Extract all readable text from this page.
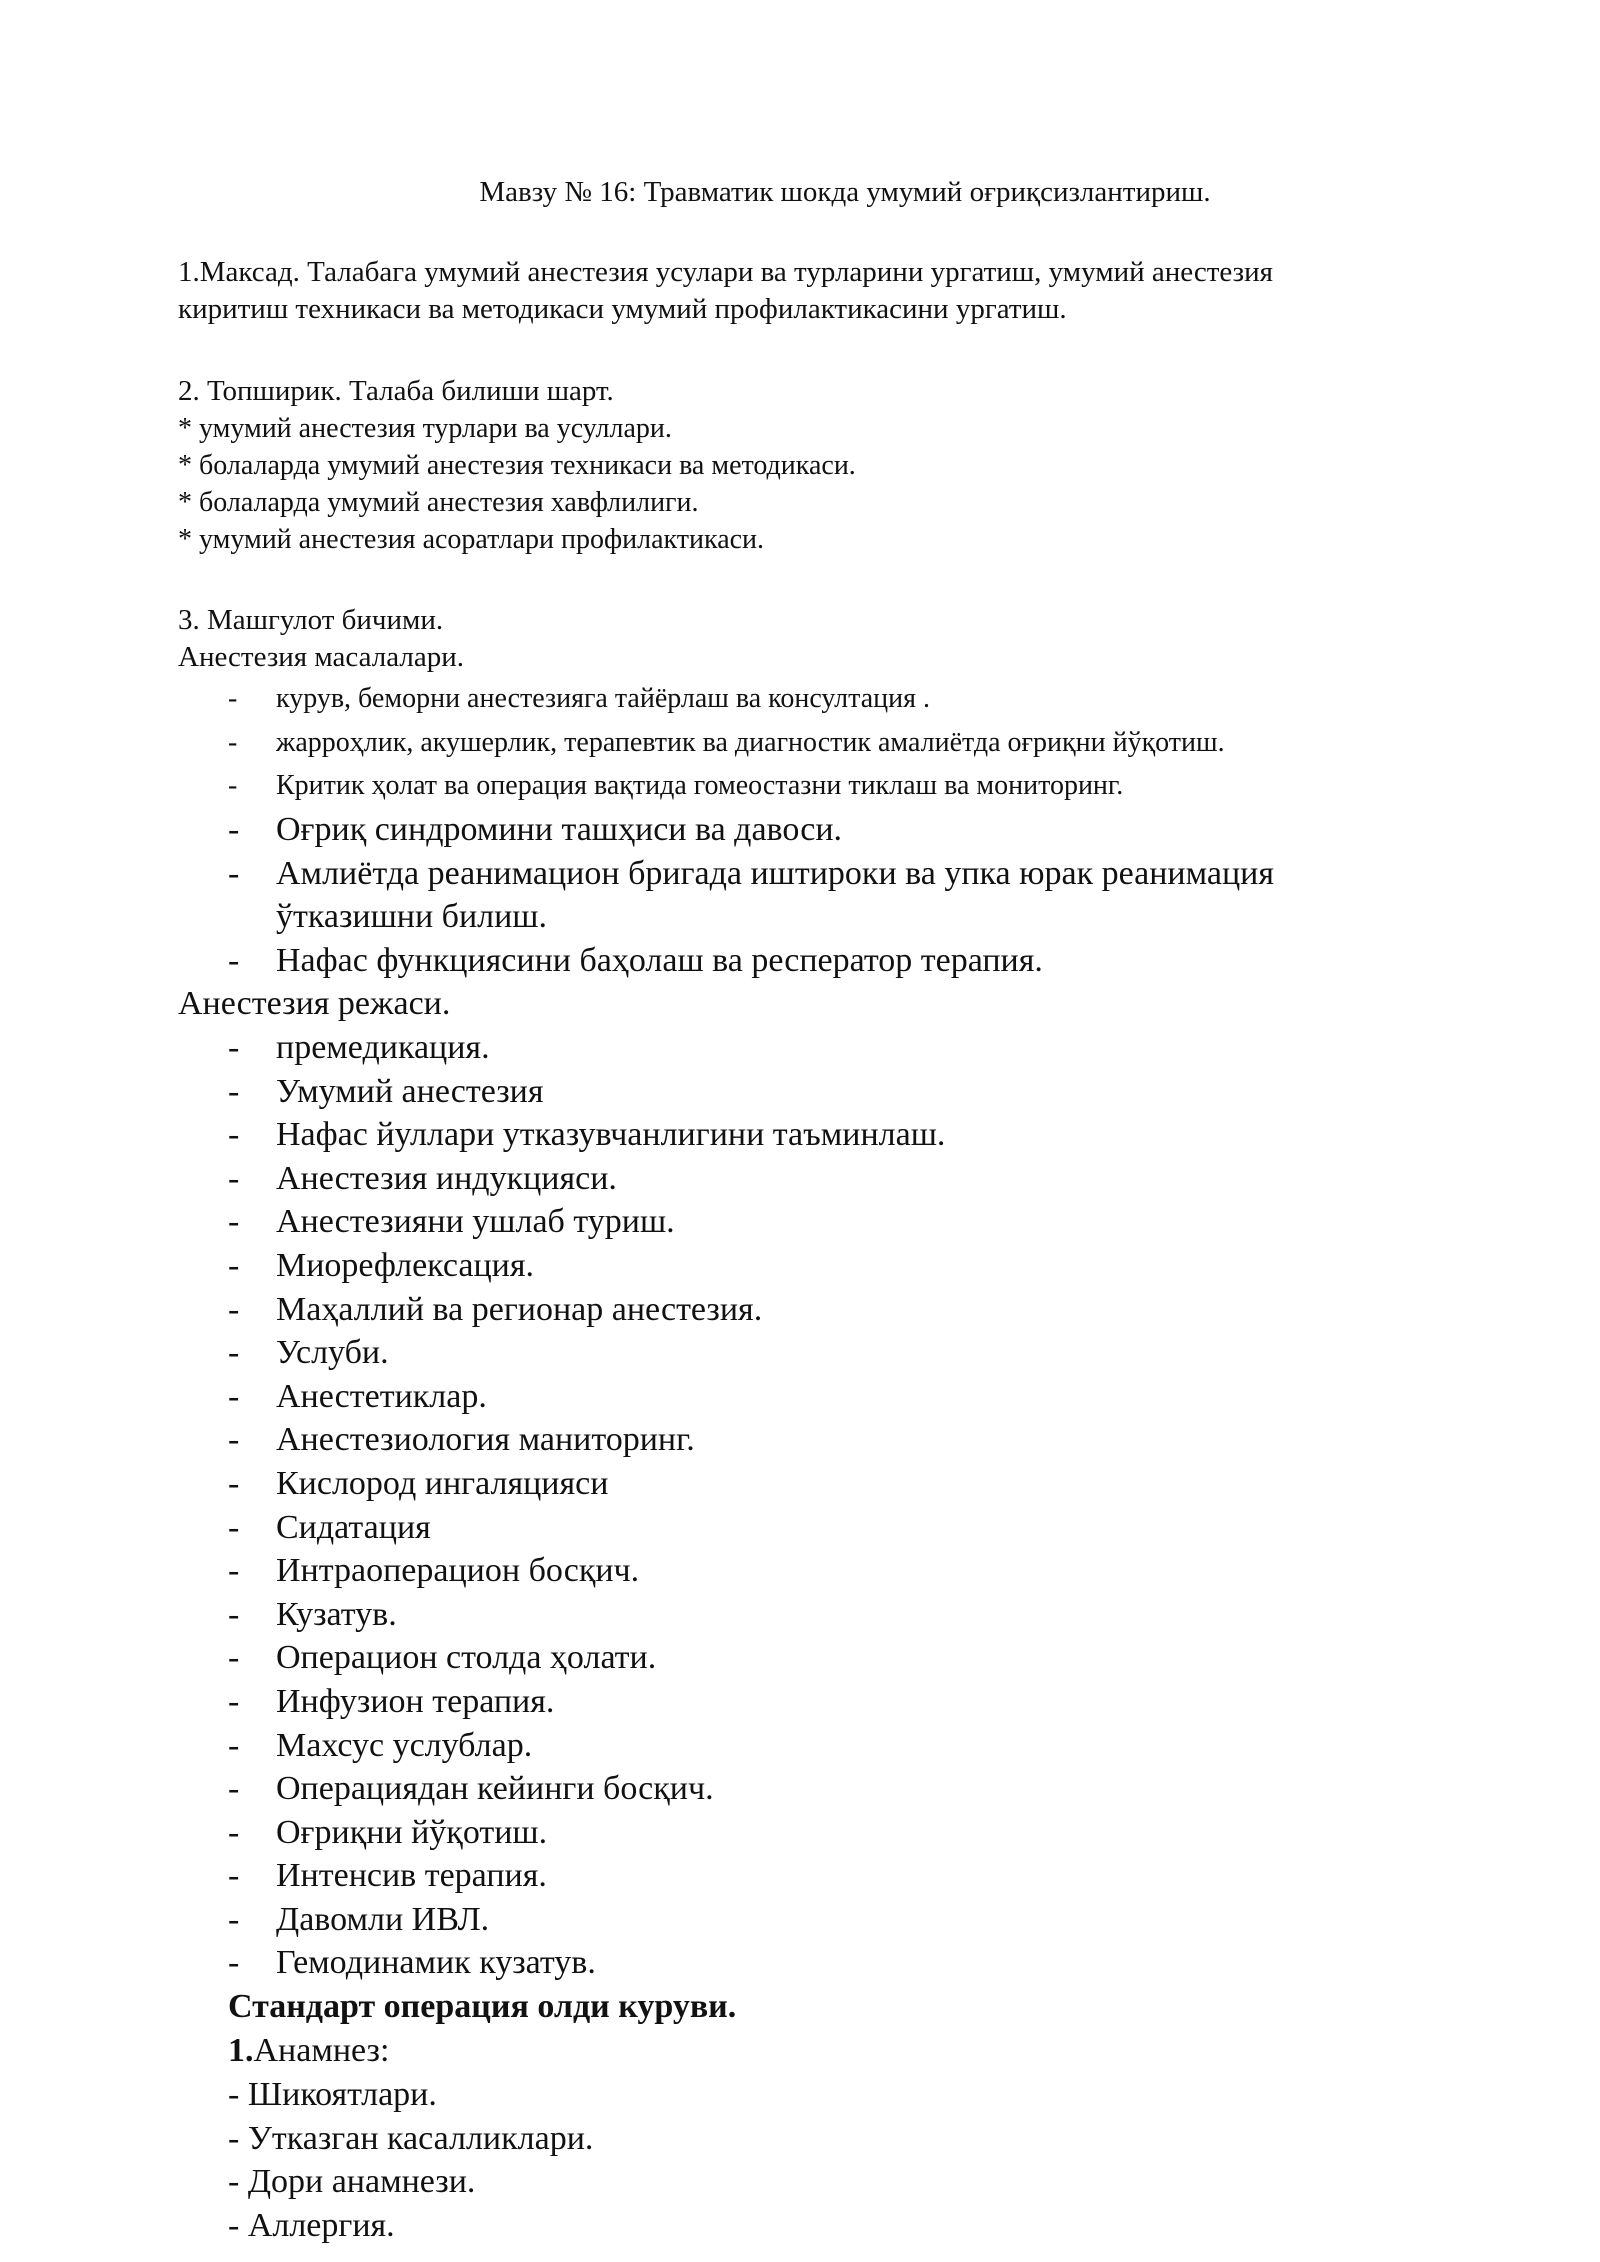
Мавзу № 16: Травматик шокда умумий оғриқсизлантириш.
1.Максад. Талабага умумий анестезия усулари ва турларини ургатиш, умумий анестезия
киритиш техникаси ва методикаси умумий профилактикасини ургатиш.
2. Топширик. Талаба билиши шарт.
* умумий анестезия турлари ва усуллари.
* болаларда умумий анестезия техникаси ва методикаси.
* болаларда умумий анестезия хавфлилиги.
* умумий анестезия асоратлари профилактикаси.
3. Машгулот бичими.
Анестезия масалалари.
- курув, беморни анестезияга тайёрлаш ва консултация .
- жарроҳлик, акушерлик, терапевтик ва диагностик амалиётда оғриқни йўқотиш.
- Критик ҳолат ва операция вақтида гомеостазни тиклаш ва мониторинг.
- Оғриқ синдромини ташҳиси ва давоси.
- Амлиётда реанимацион бригада иштироки ва упка юрак реанимация
ўтказишни билиш.
- Нафас функциясини баҳолаш ва респератор терапия.
Анестезия режаси.
- премедикация.
- Умумий анестезия
- Нафас йуллари утказувчанлигини таъминлаш.
- Анестезия индукцияси.
- Анестезияни ушлаб туриш.
- Миорефлексация.
- Маҳаллий ва регионар анестезия.
- Услуби.
- Анестетиклар.
- Анестезиология маниторинг.
- Кислород ингаляцияси
- Сидатация
- Интраоперацион босқич.
- Кузатув.
- Операцион столда ҳолати.
- Инфузион терапия.
- Махсус услублар.
- Операциядан кейинги босқич.
- Оғриқни йўқотиш.
- Интенсив терапия.
- Давомли ИВЛ.
- Гемодинамик кузатув.
Стандарт операция олди куруви.
1.Анамнез:
- Шикоятлари.
- Утказган касалликлари.
- Дори анамнези.
- Аллергия.
